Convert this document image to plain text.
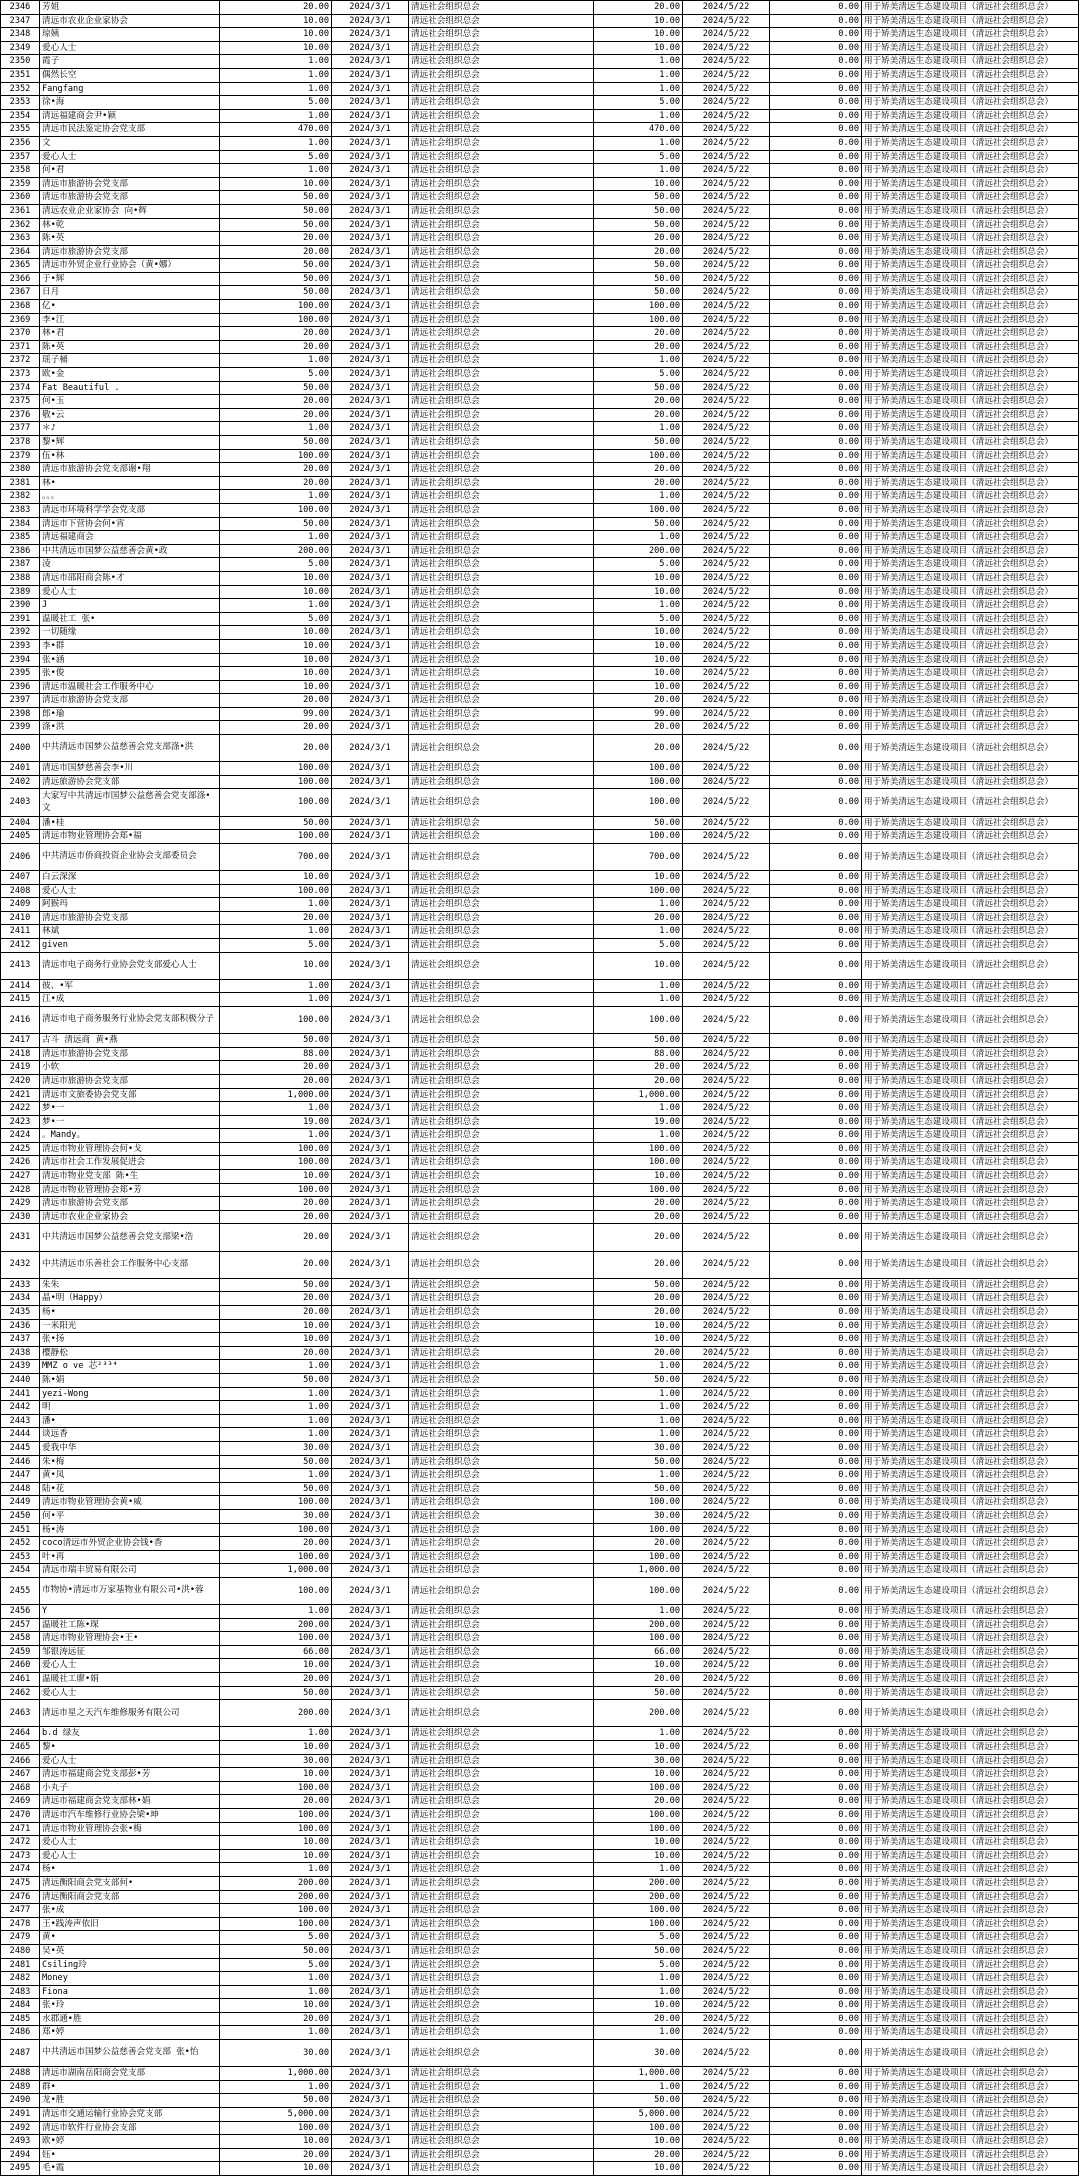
2346	芳姐	20.00	2024/3/1	清远社会组织总会	20.00	2024/5/22	0.00	用于矫美清远生态建设项目（清远社会组织总会）
2347	清远市农业企业家协会	10.00	2024/3/1	清远社会组织总会	10.00	2024/5/22	0.00	用于矫美清远生态建设项目（清远社会组织总会）
2348	琼姨	10.00	2024/3/1	清远社会组织总会	10.00	2024/5/22	0.00	用于矫美清远生态建设项目（清远社会组织总会）
2349	爱心人士	10.00	2024/3/1	清远社会组织总会	10.00	2024/5/22	0.00	用于矫美清远生态建设项目（清远社会组织总会）
2350	霞子	1.00	2024/3/1	清远社会组织总会	1.00	2024/5/22	0.00	用于矫美清远生态建设项目（清远社会组织总会）
2351	偶然长空	1.00	2024/3/1	清远社会组织总会	1.00	2024/5/22	0.00	用于矫美清远生态建设项目（清远社会组织总会）
2352	Fangfang	1.00	2024/3/1	清远社会组织总会	1.00	2024/5/22	0.00	用于矫美清远生态建设项目（清远社会组织总会）
2353	徐•海	5.00	2024/3/1	清远社会组织总会	5.00	2024/5/22	0.00	用于矫美清远生态建设项目（清远社会组织总会）
2354	清远福建商会尹•颖	1.00	2024/3/1	清远社会组织总会	1.00	2024/5/22	0.00	用于矫美清远生态建设项目（清远社会组织总会）
2355	清远市民法鉴定协会党支部	470.00	2024/3/1	清远社会组织总会	470.00	2024/5/22	0.00	用于矫美清远生态建设项目（清远社会组织总会）
2356	文	1.00	2024/3/1	清远社会组织总会	1.00	2024/5/22	0.00	用于矫美清远生态建设项目（清远社会组织总会）
2357	爱心人士	5.00	2024/3/1	清远社会组织总会	5.00	2024/5/22	0.00	用于矫美清远生态建设项目（清远社会组织总会）
2358	何•君	1.00	2024/3/1	清远社会组织总会	1.00	2024/5/22	0.00	用于矫美清远生态建设项目（清远社会组织总会）
2359	清远市旅游协会党支部	10.00	2024/3/1	清远社会组织总会	10.00	2024/5/22	0.00	用于矫美清远生态建设项目（清远社会组织总会）
2360	清远市旅游协会党支部	50.00	2024/3/1	清远社会组织总会	50.00	2024/5/22	0.00	用于矫美清远生态建设项目（清远社会组织总会）
2361	清远农业企业家协会 向•辉	50.00	2024/3/1	清远社会组织总会	50.00	2024/5/22	0.00	用于矫美清远生态建设项目（清远社会组织总会）
2362	林•乾	50.00	2024/3/1	清远社会组织总会	50.00	2024/5/22	0.00	用于矫美清远生态建设项目（清远社会组织总会）
2363	陈•英	20.00	2024/3/1	清远社会组织总会	20.00	2024/5/22	0.00	用于矫美清远生态建设项目（清远社会组织总会）
2364	清远市旅游协会党支部	20.00	2024/3/1	清远社会组织总会	20.00	2024/5/22	0.00	用于矫美清远生态建设项目（清远社会组织总会）
2365	清远市外贸企业行业协会（黄•娜）	50.00	2024/3/1	清远社会组织总会	50.00	2024/5/22	0.00	用于矫美清远生态建设项目（清远社会组织总会）
2366	于•辉	50.00	2024/3/1	清远社会组织总会	50.00	2024/5/22	0.00	用于矫美清远生态建设项目（清远社会组织总会）
2367	日月	50.00	2024/3/1	清远社会组织总会	50.00	2024/5/22	0.00	用于矫美清远生态建设项目（清远社会组织总会）
2368	亿•	100.00	2024/3/1	清远社会组织总会	100.00	2024/5/22	0.00	用于矫美清远生态建设项目（清远社会组织总会）
2369	李•江	100.00	2024/3/1	清远社会组织总会	100.00	2024/5/22	0.00	用于矫美清远生态建设项目（清远社会组织总会）
2370	林•君	20.00	2024/3/1	清远社会组织总会	20.00	2024/5/22	0.00	用于矫美清远生态建设项目（清远社会组织总会）
2371	陈•英	20.00	2024/3/1	清远社会组织总会	20.00	2024/5/22	0.00	用于矫美清远生态建设项目（清远社会组织总会）
2372	瑶子桶	1.00	2024/3/1	清远社会组织总会	1.00	2024/5/22	0.00	用于矫美清远生态建设项目（清远社会组织总会）
2373	欧•金	5.00	2024/3/1	清远社会组织总会	5.00	2024/5/22	0.00	用于矫美清远生态建设项目（清远社会组织总会）
2374	Fat Beautiful .	50.00	2024/3/1	清远社会组织总会	50.00	2024/5/22	0.00	用于矫美清远生态建设项目（清远社会组织总会）
2375	何•玉	20.00	2024/3/1	清远社会组织总会	20.00	2024/5/22	0.00	用于矫美清远生态建设项目（清远社会组织总会）
2376	敬•云	20.00	2024/3/1	清远社会组织总会	20.00	2024/5/22	0.00	用于矫美清远生态建设项目（清远社会组织总会）
2377	＊♪	1.00	2024/3/1	清远社会组织总会	1.00	2024/5/22	0.00	用于矫美清远生态建设项目（清远社会组织总会）
2378	黎•辉	50.00	2024/3/1	清远社会组织总会	50.00	2024/5/22	0.00	用于矫美清远生态建设项目（清远社会组织总会）
2379	伍•林	100.00	2024/3/1	清远社会组织总会	100.00	2024/5/22	0.00	用于矫美清远生态建设项目（清远社会组织总会）
2380	清远市旅游协会党支部谢•翔	20.00	2024/3/1	清远社会组织总会	20.00	2024/5/22	0.00	用于矫美清远生态建设项目（清远社会组织总会）
2381	林•	20.00	2024/3/1	清远社会组织总会	20.00	2024/5/22	0.00	用于矫美清远生态建设项目（清远社会组织总会）
2382	。。。	1.00	2024/3/1	清远社会组织总会	1.00	2024/5/22	0.00	用于矫美清远生态建设项目（清远社会组织总会）
2383	清远市环境科学学会党支部	100.00	2024/3/1	清远社会组织总会	100.00	2024/5/22	0.00	用于矫美清远生态建设项目（清远社会组织总会）
2384	清远市下营协会何•宵	50.00	2024/3/1	清远社会组织总会	50.00	2024/5/22	0.00	用于矫美清远生态建设项目（清远社会组织总会）
2385	清远福建商会	1.00	2024/3/1	清远社会组织总会	1.00	2024/5/22	0.00	用于矫美清远生态建设项目（清远社会组织总会）
2386	中共清远市国梦公益慈善会黄•政	200.00	2024/3/1	清远社会组织总会	200.00	2024/5/22	0.00	用于矫美清远生态建设项目（清远社会组织总会）
2387	凌	5.00	2024/3/1	清远社会组织总会	5.00	2024/5/22	0.00	用于矫美清远生态建设项目（清远社会组织总会）
2388	清远市邵阳商会陈•才	10.00	2024/3/1	清远社会组织总会	10.00	2024/5/22	0.00	用于矫美清远生态建设项目（清远社会组织总会）
2389	爱心人士	10.00	2024/3/1	清远社会组织总会	10.00	2024/5/22	0.00	用于矫美清远生态建设项目（清远社会组织总会）
2390	J	1.00	2024/3/1	清远社会组织总会	1.00	2024/5/22	0.00	用于矫美清远生态建设项目（清远社会组织总会）
2391	温暖社工 张•	5.00	2024/3/1	清远社会组织总会	5.00	2024/5/22	0.00	用于矫美清远生态建设项目（清远社会组织总会）
2392	一切随缘	10.00	2024/3/1	清远社会组织总会	10.00	2024/5/22	0.00	用于矫美清远生态建设项目（清远社会组织总会）
2393	李•群	10.00	2024/3/1	清远社会组织总会	10.00	2024/5/22	0.00	用于矫美清远生态建设项目（清远社会组织总会）
2394	张•涵	10.00	2024/3/1	清远社会组织总会	10.00	2024/5/22	0.00	用于矫美清远生态建设项目（清远社会组织总会）
2395	张•俊	10.00	2024/3/1	清远社会组织总会	10.00	2024/5/22	0.00	用于矫美清远生态建设项目（清远社会组织总会）
2396	清远市温暖社会工作服务中心	10.00	2024/3/1	清远社会组织总会	10.00	2024/5/22	0.00	用于矫美清远生态建设项目（清远社会组织总会）
2397	清远市旅游协会党支部	20.00	2024/3/1	清远社会组织总会	20.00	2024/5/22	0.00	用于矫美清远生态建设项目（清远社会组织总会）
2398	郎•瑜	99.00	2024/3/1	清远社会组织总会	99.00	2024/5/22	0.00	用于矫美清远生态建设项目（清远社会组织总会）
2399	涤•洪	20.00	2024/3/1	清远社会组织总会	20.00	2024/5/22	0.00	用于矫美清远生态建设项目（清远社会组织总会）
2400	中共清远市国梦公益慈善会党支部涤•洪	20.00	2024/3/1	清远社会组织总会	20.00	2024/5/22	0.00	用于矫美清远生态建设项目（清远社会组织总会）
2401	清远市国梦慈善会李•川	100.00	2024/3/1	清远社会组织总会	100.00	2024/5/22	0.00	用于矫美清远生态建设项目（清远社会组织总会）
2402	清远旅游协会党支部	100.00	2024/3/1	清远社会组织总会	100.00	2024/5/22	0.00	用于矫美清远生态建设项目（清远社会组织总会）
2403	大家写中共清远市国梦公益慈善会党支部涤•文	100.00	2024/3/1	清远社会组织总会	100.00	2024/5/22	0.00	用于矫美清远生态建设项目（清远社会组织总会）
2404	潘•桂	50.00	2024/3/1	清远社会组织总会	50.00	2024/5/22	0.00	用于矫美清远生态建设项目（清远社会组织总会）
2405	清远市物业管理协会郑•福	100.00	2024/3/1	清远社会组织总会	100.00	2024/5/22	0.00	用于矫美清远生态建设项目（清远社会组织总会）
2406	中共清远市侨商投资企业协会支部委员会	700.00	2024/3/1	清远社会组织总会	700.00	2024/5/22	0.00	用于矫美清远生态建设项目（清远社会组织总会）
2407	白云深深	10.00	2024/3/1	清远社会组织总会	10.00	2024/5/22	0.00	用于矫美清远生态建设项目（清远社会组织总会）
2408	爱心人士	100.00	2024/3/1	清远社会组织总会	100.00	2024/5/22	0.00	用于矫美清远生态建设项目（清远社会组织总会）
2409	阿猴玛	1.00	2024/3/1	清远社会组织总会	1.00	2024/5/22	0.00	用于矫美清远生态建设项目（清远社会组织总会）
2410	清远市旅游协会党支部	20.00	2024/3/1	清远社会组织总会	20.00	2024/5/22	0.00	用于矫美清远生态建设项目（清远社会组织总会）
2411	林斌	1.00	2024/3/1	清远社会组织总会	1.00	2024/5/22	0.00	用于矫美清远生态建设项目（清远社会组织总会）
2412	given	5.00	2024/3/1	清远社会组织总会	5.00	2024/5/22	0.00	用于矫美清远生态建设项目（清远社会组织总会）
2413	清远市电子商务行业协会党支部爱心人士	10.00	2024/3/1	清远社会组织总会	10.00	2024/5/22	0.00	用于矫美清远生态建设项目（清远社会组织总会）
2414	彼、•军	1.00	2024/3/1	清远社会组织总会	1.00	2024/5/22	0.00	用于矫美清远生态建设项目（清远社会组织总会）
2415	江•成	1.00	2024/3/1	清远社会组织总会	1.00	2024/5/22	0.00	用于矫美清远生态建设项目（清远社会组织总会）
2416	清远市电子商务服务行业协会党支部积极分子	100.00	2024/3/1	清远社会组织总会	100.00	2024/5/22	0.00	用于矫美清远生态建设项目（清远社会组织总会）
2417	古斗 清远商 黄•燕	50.00	2024/3/1	清远社会组织总会	50.00	2024/5/22	0.00	用于矫美清远生态建设项目（清远社会组织总会）
2418	清远市旅游协会党支部	88.00	2024/3/1	清远社会组织总会	88.00	2024/5/22	0.00	用于矫美清远生态建设项目（清远社会组织总会）
2419	小软	20.00	2024/3/1	清远社会组织总会	20.00	2024/5/22	0.00	用于矫美清远生态建设项目（清远社会组织总会）
2420	清远市旅游协会党支部	20.00	2024/3/1	清远社会组织总会	20.00	2024/5/22	0.00	用于矫美清远生态建设项目（清远社会组织总会）
2421	清远市文旅委协会党支部	1,000.00	2024/3/1	清远社会组织总会	1,000.00	2024/5/22	0.00	用于矫美清远生态建设项目（清远社会组织总会）
2422	梦•一	1.00	2024/3/1	清远社会组织总会	1.00	2024/5/22	0.00	用于矫美清远生态建设项目（清远社会组织总会）
2423	梦•一	19.00	2024/3/1	清远社会组织总会	19.00	2024/5/22	0.00	用于矫美清远生态建设项目（清远社会组织总会）
2424	。Mandy。	1.00	2024/3/1	清远社会组织总会	1.00	2024/5/22	0.00	用于矫美清远生态建设项目（清远社会组织总会）
2425	清远市物业管理协会何•戈	100.00	2024/3/1	清远社会组织总会	100.00	2024/5/22	0.00	用于矫美清远生态建设项目（清远社会组织总会）
2426	清远市社会工作发展促进会	100.00	2024/3/1	清远社会组织总会	100.00	2024/5/22	0.00	用于矫美清远生态建设项目（清远社会组织总会）
2427	清远市物业党支部 陈•生	10.00	2024/3/1	清远社会组织总会	10.00	2024/5/22	0.00	用于矫美清远生态建设项目（清远社会组织总会）
2428	清远市物业管理协会郑•芳	100.00	2024/3/1	清远社会组织总会	100.00	2024/5/22	0.00	用于矫美清远生态建设项目（清远社会组织总会）
2429	清远市旅游协会党支部	20.00	2024/3/1	清远社会组织总会	20.00	2024/5/22	0.00	用于矫美清远生态建设项目（清远社会组织总会）
2430	清远市农业企业家协会	20.00	2024/3/1	清远社会组织总会	20.00	2024/5/22	0.00	用于矫美清远生态建设项目（清远社会组织总会）
2431	中共清远市国梦公益慈善会党支部梁•浩	20.00	2024/3/1	清远社会组织总会	20.00	2024/5/22	0.00	用于矫美清远生态建设项目（清远社会组织总会）
2432	中共清远市乐善社会工作服务中心支部	20.00	2024/3/1	清远社会组织总会	20.00	2024/5/22	0.00	用于矫美清远生态建设项目（清远社会组织总会）
2433	朱朱	50.00	2024/3/1	清远社会组织总会	50.00	2024/5/22	0.00	用于矫美清远生态建设项目（清远社会组织总会）
2434	晶•明（Happy）	20.00	2024/3/1	清远社会组织总会	20.00	2024/5/22	0.00	用于矫美清远生态建设项目（清远社会组织总会）
2435	杨•	20.00	2024/3/1	清远社会组织总会	20.00	2024/5/22	0.00	用于矫美清远生态建设项目（清远社会组织总会）
2436	一米阳光	10.00	2024/3/1	清远社会组织总会	10.00	2024/5/22	0.00	用于矫美清远生态建设项目（清远社会组织总会）
2437	张•扬	10.00	2024/3/1	清远社会组织总会	10.00	2024/5/22	0.00	用于矫美清远生态建设项目（清远社会组织总会）
2438	樱静松	20.00	2024/3/1	清远社会组织总会	20.00	2024/5/22	0.00	用于矫美清远生态建设项目（清远社会组织总会）
2439	MMZ o ve 芯²³³⁴	1.00	2024/3/1	清远社会组织总会	1.00	2024/5/22	0.00	用于矫美清远生态建设项目（清远社会组织总会）
2440	陈•娟	50.00	2024/3/1	清远社会组织总会	50.00	2024/5/22	0.00	用于矫美清远生态建设项目（清远社会组织总会）
2441	yezi-Wong	1.00	2024/3/1	清远社会组织总会	1.00	2024/5/22	0.00	用于矫美清远生态建设项目（清远社会组织总会）
2442	明	1.00	2024/3/1	清远社会组织总会	1.00	2024/5/22	0.00	用于矫美清远生态建设项目（清远社会组织总会）
2443	潘•	1.00	2024/3/1	清远社会组织总会	1.00	2024/5/22	0.00	用于矫美清远生态建设项目（清远社会组织总会）
2444	谈远香	1.00	2024/3/1	清远社会组织总会	1.00	2024/5/22	0.00	用于矫美清远生态建设项目（清远社会组织总会）
2445	爱我中华	30.00	2024/3/1	清远社会组织总会	30.00	2024/5/22	0.00	用于矫美清远生态建设项目（清远社会组织总会）
2446	朱•梅	50.00	2024/3/1	清远社会组织总会	50.00	2024/5/22	0.00	用于矫美清远生态建设项目（清远社会组织总会）
2447	黄•凤	1.00	2024/3/1	清远社会组织总会	1.00	2024/5/22	0.00	用于矫美清远生态建设项目（清远社会组织总会）
2448	陆•花	50.00	2024/3/1	清远社会组织总会	50.00	2024/5/22	0.00	用于矫美清远生态建设项目（清远社会组织总会）
2449	清远市物业管理协会黄•威	100.00	2024/3/1	清远社会组织总会	100.00	2024/5/22	0.00	用于矫美清远生态建设项目（清远社会组织总会）
2450	何•平	30.00	2024/3/1	清远社会组织总会	30.00	2024/5/22	0.00	用于矫美清远生态建设项目（清远社会组织总会）
2451	杨•涛	100.00	2024/3/1	清远社会组织总会	100.00	2024/5/22	0.00	用于矫美清远生态建设项目（清远社会组织总会）
2452	coco清远市外贸企业协会钱•香	20.00	2024/3/1	清远社会组织总会	20.00	2024/5/22	0.00	用于矫美清远生态建设项目（清远社会组织总会）
2453	叶•再	100.00	2024/3/1	清远社会组织总会	100.00	2024/5/22	0.00	用于矫美清远生态建设项目（清远社会组织总会）
2454	清远市瑞丰贸易有限公司	1,000.00	2024/3/1	清远社会组织总会	1,000.00	2024/5/22	0.00	用于矫美清远生态建设项目（清远社会组织总会）
2455	市物协•清远市万家基物业有限公司•洪•蓉	100.00	2024/3/1	清远社会组织总会	100.00	2024/5/22	0.00	用于矫美清远生态建设项目（清远社会组织总会）
2456	Y	1.00	2024/3/1	清远社会组织总会	1.00	2024/5/22	0.00	用于矫美清远生态建设项目（清远社会组织总会）
2457	温暖社工陈•琛	200.00	2024/3/1	清远社会组织总会	200.00	2024/5/22	0.00	用于矫美清远生态建设项目（清远社会组织总会）
2458	清远市物业管理协会•王•	100.00	2024/3/1	清远社会组织总会	100.00	2024/5/22	0.00	用于矫美清远生态建设项目（清远社会组织总会）
2459	邹银涛远征	66.00	2024/3/1	清远社会组织总会	66.00	2024/5/22	0.00	用于矫美清远生态建设项目（清远社会组织总会）
2460	爱心人士	10.00	2024/3/1	清远社会组织总会	10.00	2024/5/22	0.00	用于矫美清远生态建设项目（清远社会组织总会）
2461	温暖社工廖•娟	20.00	2024/3/1	清远社会组织总会	20.00	2024/5/22	0.00	用于矫美清远生态建设项目（清远社会组织总会）
2462	爱心人士	50.00	2024/3/1	清远社会组织总会	50.00	2024/5/22	0.00	用于矫美清远生态建设项目（清远社会组织总会）
2463	清远市星之天汽车维修服务有限公司	200.00	2024/3/1	清远社会组织总会	200.00	2024/5/22	0.00	用于矫美清远生态建设项目（清远社会组织总会）
2464	b.d 绿友	1.00	2024/3/1	清远社会组织总会	1.00	2024/5/22	0.00	用于矫美清远生态建设项目（清远社会组织总会）
2465	黎•	10.00	2024/3/1	清远社会组织总会	10.00	2024/5/22	0.00	用于矫美清远生态建设项目（清远社会组织总会）
2466	爱心人士	30.00	2024/3/1	清远社会组织总会	30.00	2024/5/22	0.00	用于矫美清远生态建设项目（清远社会组织总会）
2467	清远市福建商会党支部彭•芳	10.00	2024/3/1	清远社会组织总会	10.00	2024/5/22	0.00	用于矫美清远生态建设项目（清远社会组织总会）
2468	小丸子	100.00	2024/3/1	清远社会组织总会	100.00	2024/5/22	0.00	用于矫美清远生态建设项目（清远社会组织总会）
2469	清远市福建商会党支部林•娟	20.00	2024/3/1	清远社会组织总会	20.00	2024/5/22	0.00	用于矫美清远生态建设项目（清远社会组织总会）
2470	清远市汽车维修行业协会梁•坤	100.00	2024/3/1	清远社会组织总会	100.00	2024/5/22	0.00	用于矫美清远生态建设项目（清远社会组织总会）
2471	清远市物业管理协会张•梅	100.00	2024/3/1	清远社会组织总会	100.00	2024/5/22	0.00	用于矫美清远生态建设项目（清远社会组织总会）
2472	爱心人士	10.00	2024/3/1	清远社会组织总会	10.00	2024/5/22	0.00	用于矫美清远生态建设项目（清远社会组织总会）
2473	爱心人士	10.00	2024/3/1	清远社会组织总会	10.00	2024/5/22	0.00	用于矫美清远生态建设项目（清远社会组织总会）
2474	杨•	1.00	2024/3/1	清远社会组织总会	1.00	2024/5/22	0.00	用于矫美清远生态建设项目（清远社会组织总会）
2475	清远衡阳商会党支部何•	200.00	2024/3/1	清远社会组织总会	200.00	2024/5/22	0.00	用于矫美清远生态建设项目（清远社会组织总会）
2476	清远衡阳商会党支部	200.00	2024/3/1	清远社会组织总会	200.00	2024/5/22	0.00	用于矫美清远生态建设项目（清远社会组织总会）
2477	张•成	100.00	2024/3/1	清远社会组织总会	100.00	2024/5/22	0.00	用于矫美清远生态建设项目（清远社会组织总会）
2478	王•践涛声依旧	100.00	2024/3/1	清远社会组织总会	100.00	2024/5/22	0.00	用于矫美清远生态建设项目（清远社会组织总会）
2479	黄•	5.00	2024/3/1	清远社会组织总会	5.00	2024/5/22	0.00	用于矫美清远生态建设项目（清远社会组织总会）
2480	吴•英	50.00	2024/3/1	清远社会组织总会	50.00	2024/5/22	0.00	用于矫美清远生态建设项目（清远社会组织总会）
2481	Csiling玲	5.00	2024/3/1	清远社会组织总会	5.00	2024/5/22	0.00	用于矫美清远生态建设项目（清远社会组织总会）
2482	Money	1.00	2024/3/1	清远社会组织总会	1.00	2024/5/22	0.00	用于矫美清远生态建设项目（清远社会组织总会）
2483	Fiona	1.00	2024/3/1	清远社会组织总会	1.00	2024/5/22	0.00	用于矫美清远生态建设项目（清远社会组织总会）
2484	张•玲	10.00	2024/3/1	清远社会组织总会	10.00	2024/5/22	0.00	用于矫美清远生态建设项目（清远社会组织总会）
2485	水郡通•胜	20.00	2024/3/1	清远社会组织总会	20.00	2024/5/22	0.00	用于矫美清远生态建设项目（清远社会组织总会）
2486	郑•婷	1.00	2024/3/1	清远社会组织总会	1.00	2024/5/22	0.00	用于矫美清远生态建设项目（清远社会组织总会）
2487	中共清远市国梦公益慈善会党支部 张•怡	30.00	2024/3/1	清远社会组织总会	30.00	2024/5/22	0.00	用于矫美清远生态建设项目（清远社会组织总会）
2488	清远市湖南岳阳商会党支部	1,000.00	2024/3/1	清远社会组织总会	1,000.00	2024/5/22	0.00	用于矫美清远生态建设项目（清远社会组织总会）
2489	群•	1.00	2024/3/1	清远社会组织总会	1.00	2024/5/22	0.00	用于矫美清远生态建设项目（清远社会组织总会）
2490	龙•胜	50.00	2024/3/1	清远社会组织总会	50.00	2024/5/22	0.00	用于矫美清远生态建设项目（清远社会组织总会）
2491	清远市交通运输行业协会党支部	5,000.00	2024/3/1	清远社会组织总会	5,000.00	2024/5/22	0.00	用于矫美清远生态建设项目（清远社会组织总会）
2492	清远市软件行业协会支部	100.00	2024/3/1	清远社会组织总会	100.00	2024/5/22	0.00	用于矫美清远生态建设项目（清远社会组织总会）
2493	欧•婷	10.00	2024/3/1	清远社会组织总会	10.00	2024/5/22	0.00	用于矫美清远生态建设项目（清远社会组织总会）
2494	钰•	20.00	2024/3/1	清远社会组织总会	20.00	2024/5/22	0.00	用于矫美清远生态建设项目（清远社会组织总会）
2495	毛•霞	10.00	2024/3/1	清远社会组织总会	10.00	2024/5/22	0.00	用于矫美清远生态建设项目（清远社会组织总会）
